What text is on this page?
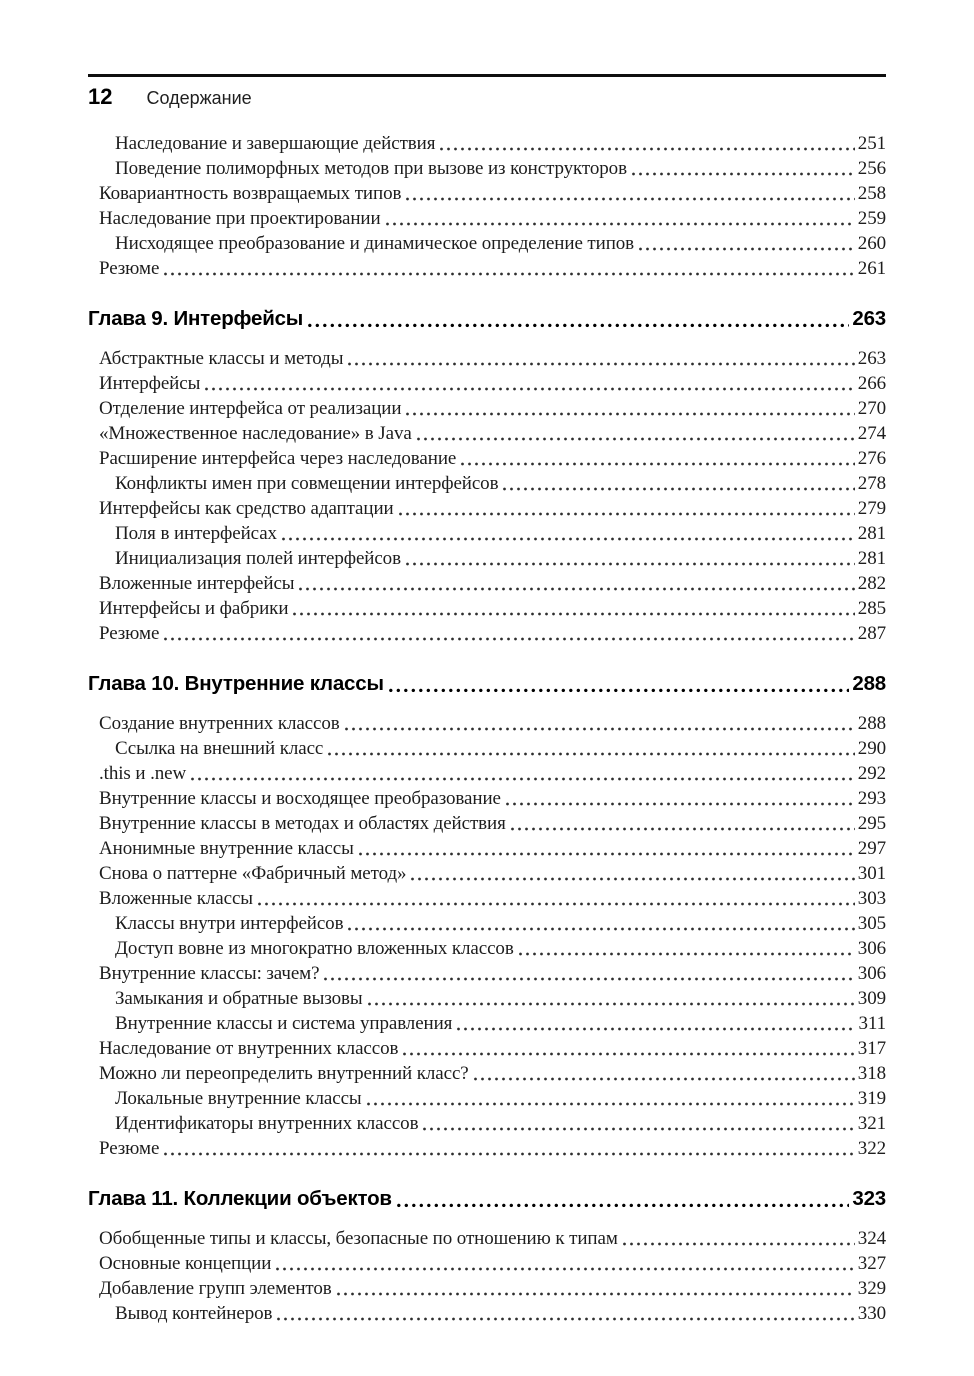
12 Содержание
Наследование и завершающие действия	251
Поведение полиморфных методов при вызове из конструкторов	256
Ковариантность возвращаемых типов	258
Наследование при проектировании	259
Нисходящее преобразование и динамическое определение типов	260
Резюме	261
Глава 9. Интерфейсы	263
Абстрактные классы и методы	263
Интерфейсы	266
Отделение интерфейса от реализации	270
«Множественное наследование» в Java	274
Расширение интерфейса через наследование	276
Конфликты имен при совмещении интерфейсов	278
Интерфейсы как средство адаптации	279
Поля в интерфейсах	281
Инициализация полей интерфейсов	281
Вложенные интерфейсы	282
Интерфейсы и фабрики	285
Резюме	287
Глава 10. Внутренние классы	288
Создание внутренних классов	288
Ссылка на внешний класс	290
.this и .new	292
Внутренние классы и восходящее преобразование	293
Внутренние классы в методах и областях действия	295
Анонимные внутренние классы	297
Снова о паттерне «Фабричный метод»	301
Вложенные классы	303
Классы внутри интерфейсов	305
Доступ вовне из многократно вложенных классов	306
Внутренние классы: зачем?	306
Замыкания и обратные вызовы	309
Внутренние классы и система управления	311
Наследование от внутренних классов	317
Можно ли переопределить внутренний класс?	318
Локальные внутренние классы	319
Идентификаторы внутренних классов	321
Резюме	322
Глава 11. Коллекции объектов	323
Обобщенные типы и классы, безопасные по отношению к типам	324
Основные концепции	327
Добавление групп элементов	329
Вывод контейнеров	330
